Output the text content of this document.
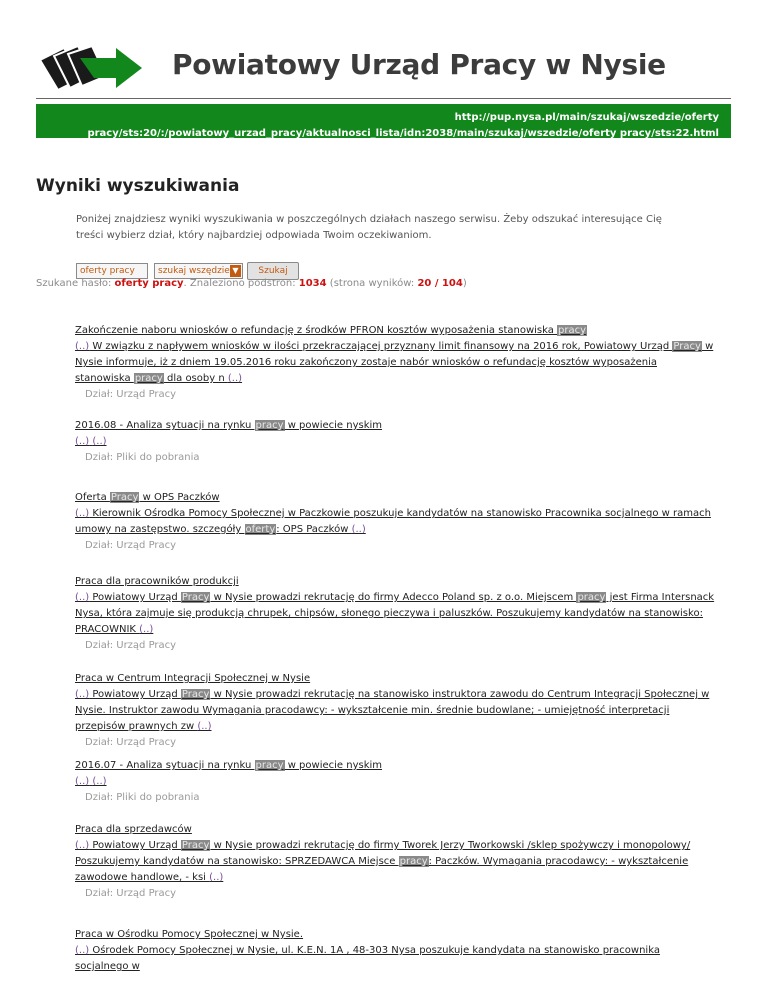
Powiatowy Urząd Pracy w Nysie
http://pup.nysa.pl/main/szukaj/wszedzie/oferty
pracy/sts:20/:/powiatowy_urzad_pracy/aktualnosci_lista/idn:2038/main/szukaj/wszedzie/oferty pracy/sts:22.html
Wyniki wyszukiwania

Poniżej znajdziesz wyniki wyszukiwania w poszczególnych działach naszego serwisu. Żeby odszukać interesujące Cię treści wybierz dział, który najbardziej odpowiada Twoim oczekiwaniom.

oferty pracy	szukaj wszędzie ▼	Szukaj
Szukane hasło: oferty pracy. Znaleziono podstron: 1034 (strona wyników: 20 / 104)
Zakończenie naboru wniosków o refundację z środków PFRON kosztów wyposażenia stanowiska pracy
(..) W związku z napływem wniosków w ilości przekraczającej przyznany limit finansowy na 2016 rok, Powiatowy Urząd Pracy w Nysie informuje, iż z dniem 19.05.2016 roku zakończony zostaje nabór wniosków o refundację kosztów wyposażenia stanowiska pracy dla osoby n (..)
Dział: Urząd Pracy
2016.08 - Analiza sytuacji na rynku pracy w powiecie nyskim
(..) (..)
Dział: Pliki do pobrania
Oferta Pracy w OPS Paczków
(..) Kierownik Ośrodka Pomocy Społecznej w Paczkowie poszukuje kandydatów na stanowisko Pracownika socjalnego w ramach umowy na zastępstwo. szczegóły oferty: OPS Paczków (..)
Dział: Urząd Pracy
Praca dla pracowników produkcji
(..) Powiatowy Urząd Pracy w Nysie prowadzi rekrutację do firmy Adecco Poland sp. z o.o. Miejscem pracy jest Firma Intersnack Nysa, która zajmuje się produkcją chrupek, chipsów, słonego pieczywa i paluszków. Poszukujemy kandydatów na stanowisko: PRACOWNIK (..)
Dział: Urząd Pracy
Praca w Centrum Integracji Społecznej w Nysie
(..) Powiatowy Urząd Pracy w Nysie prowadzi rekrutację na stanowisko instruktora zawodu do Centrum Integracji Społecznej w Nysie. Instruktor zawodu Wymagania pracodawcy: - wykształcenie min. średnie budowlane; - umiejętność interpretacji przepisów prawnych zw (..)
Dział: Urząd Pracy
2016.07 - Analiza sytuacji na rynku pracy w powiecie nyskim
(..) (..)
Dział: Pliki do pobrania
Praca dla sprzedawców
(..) Powiatowy Urząd Pracy w Nysie prowadzi rekrutację do firmy Tworek Jerzy Tworkowski /sklep spożywczy i monopolowy/ Poszukujemy kandydatów na stanowisko: SPRZEDAWCA Miejsce pracy: Paczków. Wymagania pracodawcy: - wykształcenie zawodowe handlowe, - ksi (..)
Dział: Urząd Pracy
Praca w Ośrodku Pomocy Społecznej w Nysie.
(..) Ośrodek Pomocy Społecznej w Nysie, ul. K.E.N. 1A , 48-303 Nysa poszukuje kandydata na stanowisko pracownika socjalnego w
